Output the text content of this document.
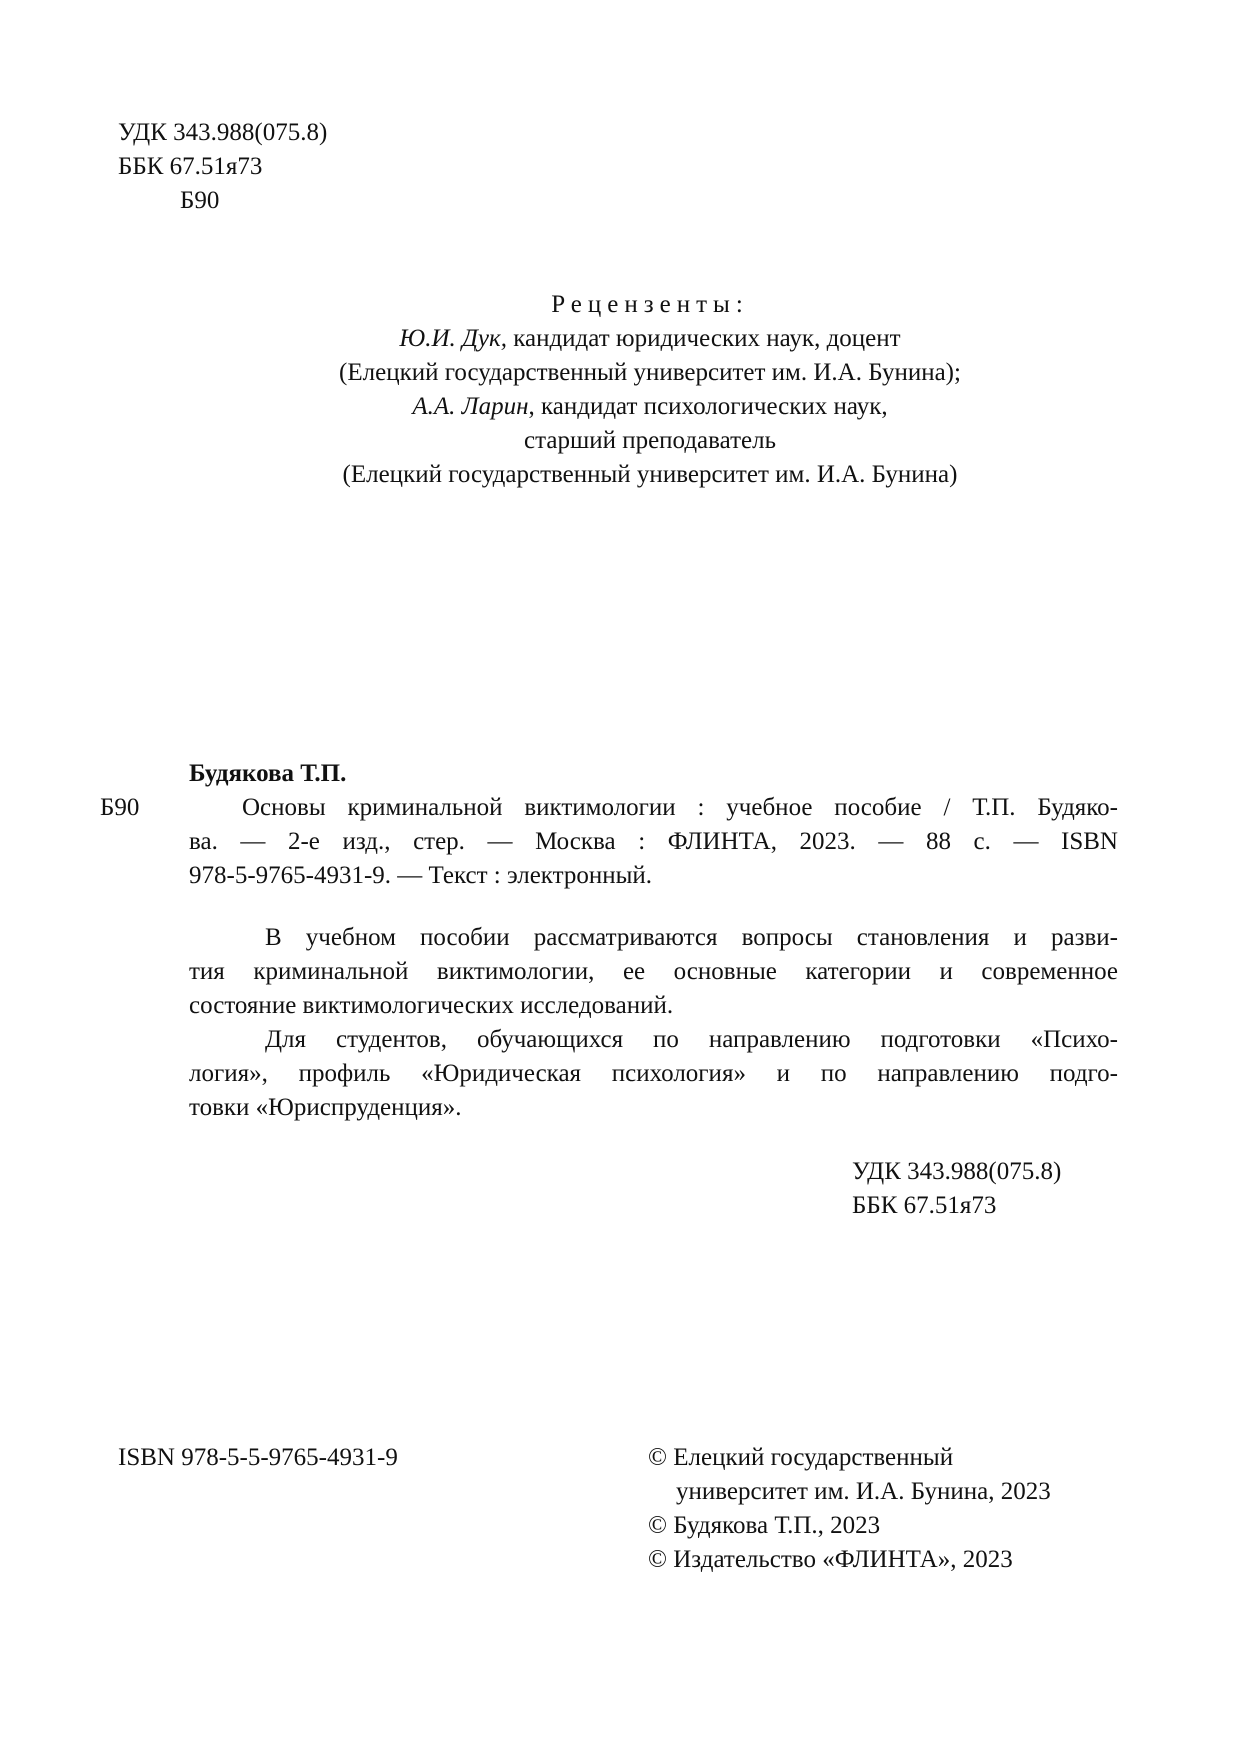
УДК 343.988(075.8)
ББК 67.51я73
Б90
Рецензенты:
Ю.И. Дук, кандидат юридических наук, доцент
(Елецкий государственный университет им. И.А. Бунина);
А.А. Ларин, кандидат психологических наук,
старший преподаватель
(Елецкий государственный университет им. И.А. Бунина)
Будякова Т.П.
Б90	Основы криминальной виктимологии : учебное пособие / Т.П. Будяко-
ва. — 2-е изд., стер. — Москва : ФЛИНТА, 2023. — 88 с. — ISBN
978-5-9765-4931-9. — Текст : электронный.
В учебном пособии рассматриваются вопросы становления и разви-
тия криминальной виктимологии, ее основные категории и современное
состояние виктимологических исследований.
Для студентов, обучающихся по направлению подготовки «Психо-
логия», профиль «Юридическая психология» и по направлению подго-
товки «Юриспруденция».
УДК 343.988(075.8)
ББК 67.51я73
ISBN 978-5-5-9765-4931-9	© Елецкий государственный
университет им. И.А. Бунина, 2023
© Будякова Т.П., 2023
© Издательство «ФЛИНТА», 2023
